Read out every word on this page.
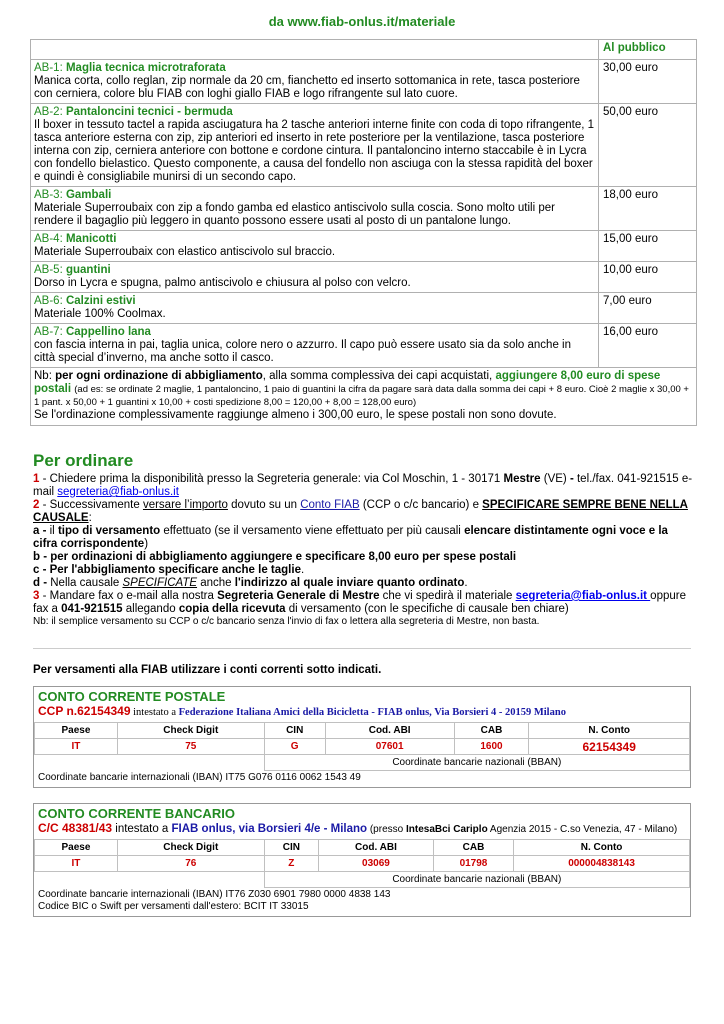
da www.fiab-onlus.it/materiale
	Al pubblico
AB-1: Maglia tecnica microtraforata
Manica corta, collo reglan, zip normale da 20 cm, fianchetto ed inserto sottomanica in rete, tasca posteriore con cerniera, colore blu FIAB con loghi giallo FIAB e logo rifrangente sul lato cuore.	30,00 euro
AB-2: Pantaloncini tecnici - bermuda
Il boxer in tessuto tactel a rapida asciugatura ha 2 tasche anteriori interne finite con coda di topo rifrangente, 1 tasca anteriore esterna con zip, zip anteriori ed inserto in rete posteriore per la ventilazione, tasca posteriore interna con zip, cerniera anteriore con bottone e cordone cintura. Il pantaloncino interno staccabile è in Lycra con fondello bielastico. Questo componente, a causa del fondello non asciuga con la stessa rapidità del boxer e quindi è consigliabile munirsi di un secondo capo.	50,00 euro
AB-3: Gambali
Materiale Superroubaix con zip a fondo gamba ed elastico antiscivolo sulla coscia. Sono molto utili per rendere il bagaglio più leggero in quanto possono essere usati al posto di un pantalone lungo.	18,00 euro
AB-4: Manicotti
Materiale Superroubaix con elastico antiscivolo sul braccio.	15,00 euro
AB-5: guantini
Dorso in Lycra e spugna, palmo antiscivolo e chiusura al polso con velcro.	10,00 euro
AB-6: Calzini estivi
Materiale 100% Coolmax.	7,00 euro
AB-7: Cappellino lana
con fascia interna in pai, taglia unica, colore nero o azzurro. Il capo può essere usato sia da solo anche in città special d’inverno, ma anche sotto il casco.	16,00 euro
Nb: per ogni ordinazione di abbigliamento, alla somma complessiva dei capi acquistati, aggiungere 8,00 euro di spese postali (ad es: se ordinate 2 maglie, 1 pantaloncino, 1 paio di guantini la cifra da pagare sarà data dalla somma dei capi + 8 euro. Cioè 2 maglie x 30,00 + 1 pant. x 50,00 + 1 guantini x 10,00 + costi spedizione 8,00 = 120,00 + 8,00 = 128,00 euro)
Se l'ordinazione complessivamente raggiunge almeno i 300,00 euro, le spese postali non sono dovute.	
Per ordinare
1 - Chiedere prima la disponibilità presso la Segreteria generale: via Col Moschin, 1 - 30171 Mestre (VE) - tel./fax. 041-921515 e-mail segreteria@fiab-onlus.it
2 - Successivamente versare l’importo dovuto su un Conto FIAB (CCP o c/c bancario) e SPECIFICARE SEMPRE BENE NELLA CAUSALE:
a - il tipo di versamento effettuato (se il versamento viene effettuato per più causali elencare distintamente ogni voce e la cifra corrispondente)
b - per ordinazioni di abbigliamento aggiungere e specificare 8,00 euro per spese postali
c - Per l'abbigliamento specificare anche le taglie.
d - Nella causale SPECIFICATE anche l'indirizzo al quale inviare quanto ordinato.
3 - Mandare fax o e-mail alla nostra Segreteria Generale di Mestre che vi spedirà il materiale segreteria@fiab-onlus.it oppure fax a 041-921515 allegando copia della ricevuta di versamento (con le specifiche di causale ben chiare)
Nb: il semplice versamento su CCP o c/c bancario senza l'invio di fax o lettera alla segreteria di Mestre, non basta.
Per versamenti alla FIAB utilizzare i conti correnti sotto indicati.
CONTO CORRENTE POSTALE
CCP n.62154349 intestato a Federazione Italiana Amici della Bicicletta - FIAB onlus, Via Borsieri 4 - 20159 Milano
Paese	Check Digit	CIN	Cod. ABI	CAB	N. Conto
IT	75	G	07601	1600	62154349
		Coordinate bancarie nazionali (BBAN)			
Coordinate bancarie internazionali (IBAN) IT75 G076 0116 0062 1543 49
CONTO CORRENTE BANCARIO
C/C 48381/43 intestato a FIAB onlus, via Borsieri 4/e - Milano (presso IntesaBci Cariplo Agenzia 2015 - C.so Venezia, 47 - Milano)
Paese	Check Digit	CIN	Cod. ABI	CAB	N. Conto
IT	76	Z	03069	01798	000004838143
		Coordinate bancarie nazionali (BBAN)			
Coordinate bancarie internazionali (IBAN) IT76 Z030 6901 7980 0000 4838 143
Codice BIC o Swift per versamenti dall'estero: BCIT IT 33015
